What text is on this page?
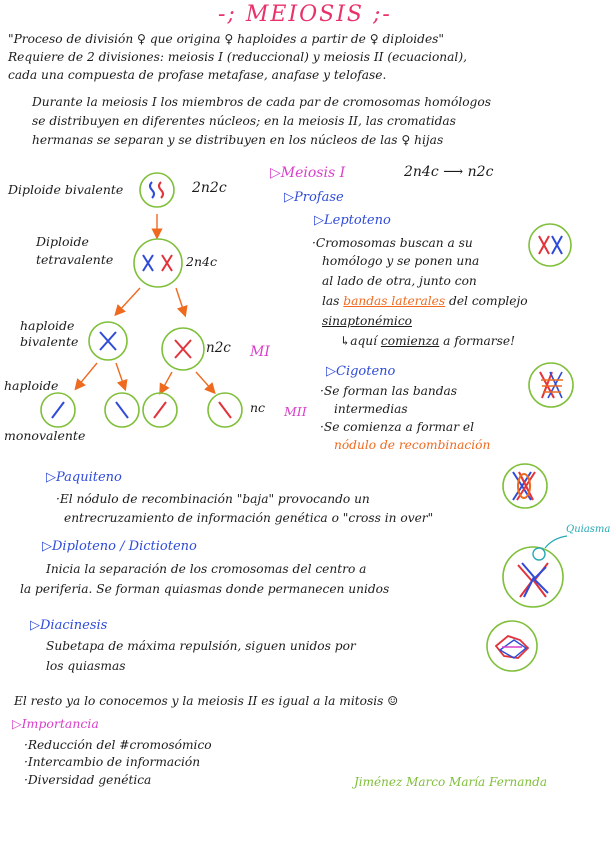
-; MEIOSIS ;-
"Proceso de división ♀ que origina ♀ haploides a partir de ♀ diploides"
Requiere de 2 divisiones: meiosis I (reduccional) y meiosis II (ecuacional),
cada una compuesta de profase metafase, anafase y telofase.
Durante la meiosis I los miembros de cada par de cromosomas homólogos
se distribuyen en diferentes núcleos; en la meiosis II, las cromatidas
hermanas se separan y se distribuyen en los núcleos de las ♀ hijas
Diploide bivalente	2n2c
Diploide
tetravalente	2n4c
haploide
bivalente	n2c MI
haploide
monovalente
nc MII
▷Meiosis I	2n4c ⟶ n2c
▷Profase
▷Leptoteno
·Cromosomas buscan a su
homólogo y se ponen una
al lado de otra, junto con
las bandas laterales del complejo
sinaptonémico
↳aquí comienza a formarse!
▷Cigoteno
·Se forman las bandas
intermedias
·Se comienza a formar el
nódulo de recombinación
▷Paquiteno
·El nódulo de recombinación "baja" provocando un
entrecruzamiento de información genética o "cross in over"
▷Diploteno / Dictioteno
Inicia la separación de los cromosomas del centro a
la periferia. Se forman quiasmas donde permanecen unidos
Quiasma
▷Diacinesis
Subetapa de máxima repulsión, siguen unidos por
los quiasmas
El resto ya lo conocemos y la meiosis II es igual a la mitosis ☺
▷Importancia
·Reducción del #cromosómico
·Intercambio de información
·Diversidad genética	Jiménez Marco María Fernanda
